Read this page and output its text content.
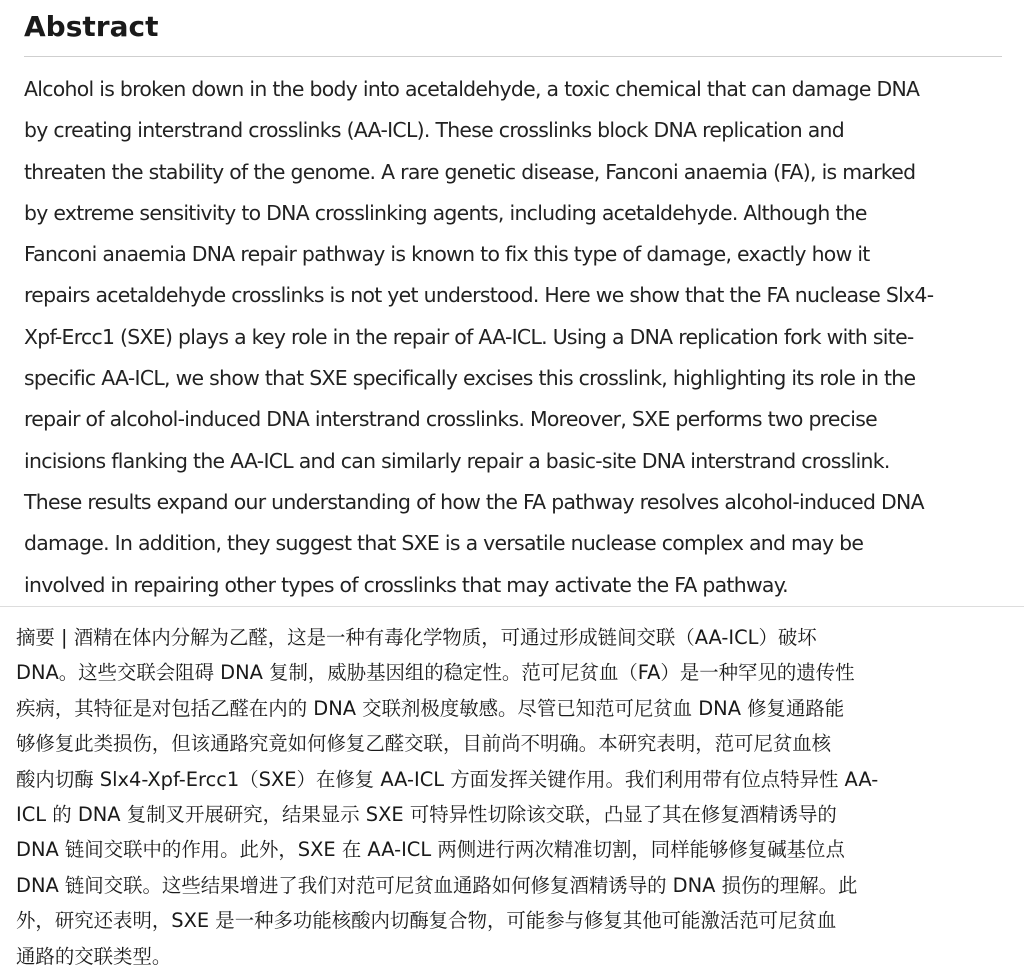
Abstract

Alcohol is broken down in the body into acetaldehyde, a toxic chemical that can damage DNA
by creating interstrand crosslinks (AA-ICL). These crosslinks block DNA replication and
threaten the stability of the genome. A rare genetic disease, Fanconi anaemia (FA), is marked
by extreme sensitivity to DNA crosslinking agents, including acetaldehyde. Although the
Fanconi anaemia DNA repair pathway is known to fix this type of damage, exactly how it
repairs acetaldehyde crosslinks is not yet understood. Here we show that the FA nuclease Slx4-
Xpf-Ercc1 (SXE) plays a key role in the repair of AA-ICL. Using a DNA replication fork with site-
specific AA-ICL, we show that SXE specifically excises this crosslink, highlighting its role in the
repair of alcohol-induced DNA interstrand crosslinks. Moreover, SXE performs two precise
incisions flanking the AA-ICL and can similarly repair a basic-site DNA interstrand crosslink.
These results expand our understanding of how the FA pathway resolves alcohol-induced DNA
damage. In addition, they suggest that SXE is a versatile nuclease complex and may be
involved in repairing other types of crosslinks that may activate the FA pathway.

摘要 | 酒精在体内分解为乙醛，这是一种有毒化学物质，可通过形成链间交联（AA-ICL）破坏
DNA。这些交联会阻碍 DNA 复制，威胁基因组的稳定性。范可尼贫血（FA）是一种罕见的遗传性
疾病，其特征是对包括乙醛在内的 DNA 交联剂极度敏感。尽管已知范可尼贫血 DNA 修复通路能
够修复此类损伤，但该通路究竟如何修复乙醛交联，目前尚不明确。本研究表明，范可尼贫血核
酸内切酶 Slx4-Xpf-Ercc1（SXE）在修复 AA-ICL 方面发挥关键作用。我们利用带有位点特异性 AA-
ICL 的 DNA 复制叉开展研究，结果显示 SXE 可特异性切除该交联，凸显了其在修复酒精诱导的
DNA 链间交联中的作用。此外，SXE 在 AA-ICL 两侧进行两次精准切割，同样能够修复碱基位点
DNA 链间交联。这些结果增进了我们对范可尼贫血通路如何修复酒精诱导的 DNA 损伤的理解。此
外，研究还表明，SXE 是一种多功能核酸内切酶复合物，可能参与修复其他可能激活范可尼贫血
通路的交联类型。
